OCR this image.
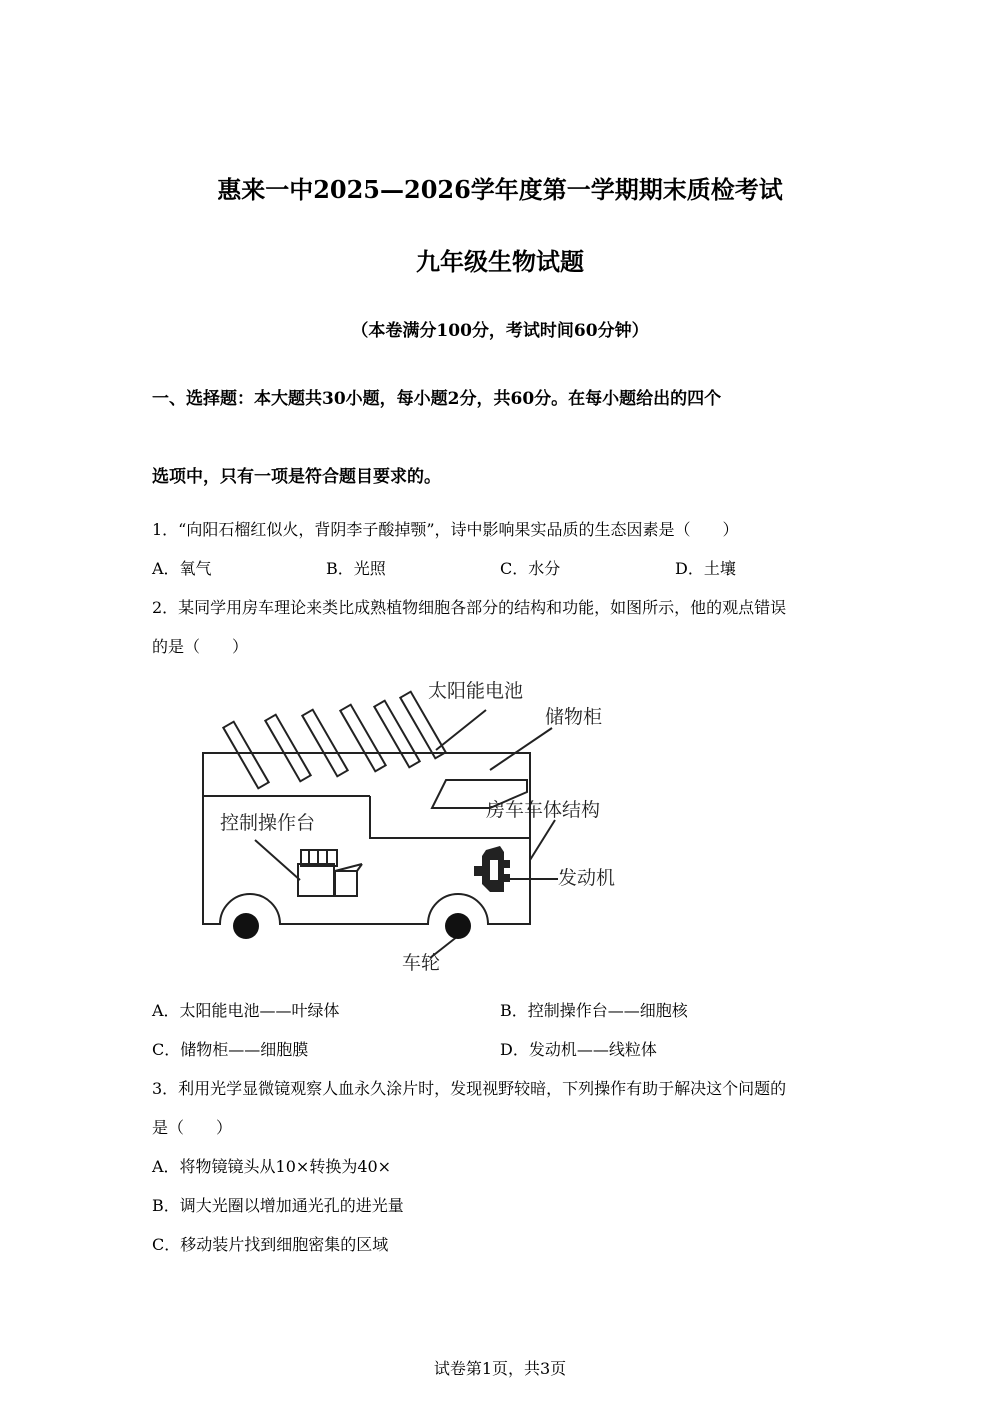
惠来一中2025—2026学年度第一学期期末质检考试
九年级生物试题
（本卷满分100分，考试时间60分钟）
一、选择题：本大题共30小题，每小题2分，共60分。在每小题给出的四个
选项中，只有一项是符合题目要求的。
1．“向阳石榴红似火，背阴李子酸掉颚”，诗中影响果实品质的生态因素是（　　）
A．氧气	B．光照	C．水分	D．土壤
2．某同学用房车理论来类比成熟植物细胞各部分的结构和功能，如图所示，他的观点错误
的是（　　）
太阳能电池
储物柜
房车车体结构
控制操作台
发动机
车轮
A．太阳能电池——叶绿体	B．控制操作台——细胞核
C．储物柜——细胞膜	D．发动机——线粒体
3．利用光学显微镜观察人血永久涂片时，发现视野较暗，下列操作有助于解决这个问题的
是（　　）
A．将物镜镜头从10×转换为40×
B．调大光圈以增加通光孔的进光量
C．移动装片找到细胞密集的区域
试卷第1页，共3页
